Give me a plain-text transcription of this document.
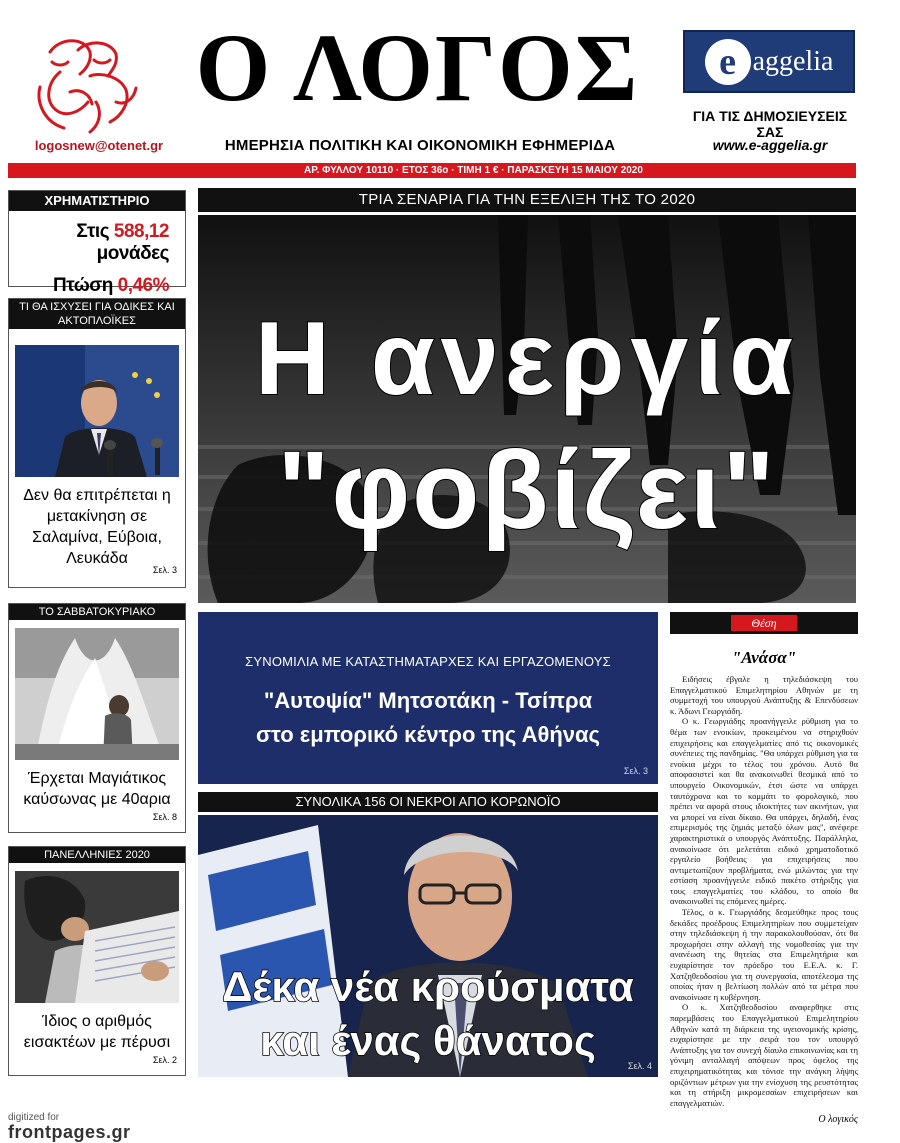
Ο ΛΟΓΟΣ
ΗΜΕΡΗΣΙΑ ΠΟΛΙΤΙΚΗ ΚΑΙ ΟΙΚΟΝΟΜΙΚΗ ΕΦΗΜΕΡΙΔΑ
logosnew@otenet.gr
e aggelia
ΓΙΑ ΤΙΣ ΔΗΜΟΣΙΕΥΣΕΙΣ ΣΑΣ
www.e-aggelia.gr
ΑΡ. ΦΥΛΛΟΥ 10110 · ΕΤΟΣ 36ο · ΤΙΜΗ 1 € · ΠΑΡΑΣΚΕΥΗ 15 ΜΑΙΟΥ 2020
ΧΡΗΜΑΤΙΣΤΗΡΙΟ
Στις 588,12 μονάδες
Πτώση 0,46%
ΤΙ ΘΑ ΙΣΧΥΣΕΙ ΓΙΑ ΟΔΙΚΕΣ ΚΑΙ ΑΚΤΟΠΛΟΪΚΕΣ
Δεν θα επιτρέπεται η μετακίνηση σε Σαλαμίνα, Εύβοια, Λευκάδα
Σελ. 3
ΤΟ ΣΑΒΒΑΤΟΚΥΡΙΑΚΟ
Έρχεται Μαγιάτικος καύσωνας με 40αρια
Σελ. 8
ΠΑΝΕΛΛΗΝΙΕΣ 2020
Ίδιος ο αριθμός εισακτέων με πέρυσι
Σελ. 2
ΤΡΙΑ ΣΕΝΑΡΙΑ ΓΙΑ ΤΗΝ ΕΞΕΛΙΞΗ ΤΗΣ ΤΟ 2020
Η ανεργία
"φοβίζει"
ΣΥΝΟΜΙΛΙΑ ΜΕ ΚΑΤΑΣΤΗΜΑΤΑΡΧΕΣ ΚΑΙ ΕΡΓΑΖΟΜΕΝΟΥΣ
"Αυτοψία" Μητσοτάκη - Τσίπρα
στο εμπορικό κέντρο της Αθήνας
Σελ. 3
ΣΥΝΟΛΙΚΑ 156 ΟΙ ΝΕΚΡΟΙ ΑΠΟ ΚΟΡΩΝΟΪΟ
Δέκα νέα κρούσματα
και ένας θάνατος
Σελ. 4
Θέση
"Ανάσα"

Ειδήσεις έβγαλε η τηλεδιάσκεψη του Επαγγελματικού Επιμελητηρίου Αθηνών με τη συμμετοχή του υπουργού Ανάπτυξης & Επενδύσεων κ. Άδωνι Γεωργιάδη.

Ο κ. Γεωργιάδης προανήγγειλε ρύθμιση για το θέμα των ενοικίων, προκειμένου να στηριχθούν επιχειρήσεις και επαγγελματίες από τις οικονομικές συνέπειες της πανδημίας. "Θα υπάρχει ρύθμιση για τα ενοίκια μέχρι το τέλος του χρόνου. Αυτό θα αποφασιστεί και θα ανακοινωθεί θεσμικά από το υπουργείο Οικονομικών, έτσι ώστε να υπάρχει ταυτόχρονα και το κομμάτι το φορολογικό, που πρέπει να αφορά στους ιδιοκτήτες των ακινήτων, για να μπορεί να είναι δίκαιο. Θα υπάρχει, δηλαδή, ένας επιμερισμός της ζημιάς μεταξύ όλων μας", ανέφερε χαρακτηριστικά ο υπουργός Ανάπτυξης. Παράλληλα, ανακοίνωσε ότι μελετάται ειδικό χρηματοδοτικό εργαλείο βοήθειας για επιχειρήσεις που αντιμετωπίζουν προβλήματα, ενώ μιλώντας για την εστίαση προανήγγειλε ειδικό πακέτο στήριξης για τους επαγγελματίες του κλάδου, το οποίο θα ανακοινωθεί τις επόμενες ημέρες.

Τέλος, ο κ. Γεωργιάδης δεσμεύθηκε προς τους δεκάδες προέδρους Επιμελητηρίων που συμμετείχαν στην τηλεδιάσκεψη ή την παρακολουθούσαν, ότι θα προχωρήσει στην αλλαγή της νομοθεσίας για την ανανέωση της θητείας στα Επιμελητήρια και ευχαρίστησε τον πρόεδρο του Ε.Ε.Α. κ. Γ. Χατζηθεοδοσίου για τη συνεργασία, αποτέλεσμα της οποίας ήταν η βελτίωση πολλών από τα μέτρα που ανακοίνωσε η κυβέρνηση.

Ο κ. Χατζηθεοδοσίου αναφερθηκε στις παρεμβάσεις του Επαγγελματικού Επιμελητηρίου Αθηνών κατά τη διάρκεια της υγειονομικής κρίσης, ευχαρίστησε με την σειρά του τον υπουργό Ανάπτυξης για τον συνεχή δίαυλο επικοινωνίας και τη γόνιμη ανταλλαγή απόψεων προς όφελος της επιχειρηματικότητας και τόνισε την ανάγκη λήψης οριζόντιων μέτρων για την ενίσχυση της ρευστότητας και τη στήριξη μικρομεσαίων επιχειρήσεων και επαγγελματιών.

Ο λογικός
digitized for
frontpages.gr
